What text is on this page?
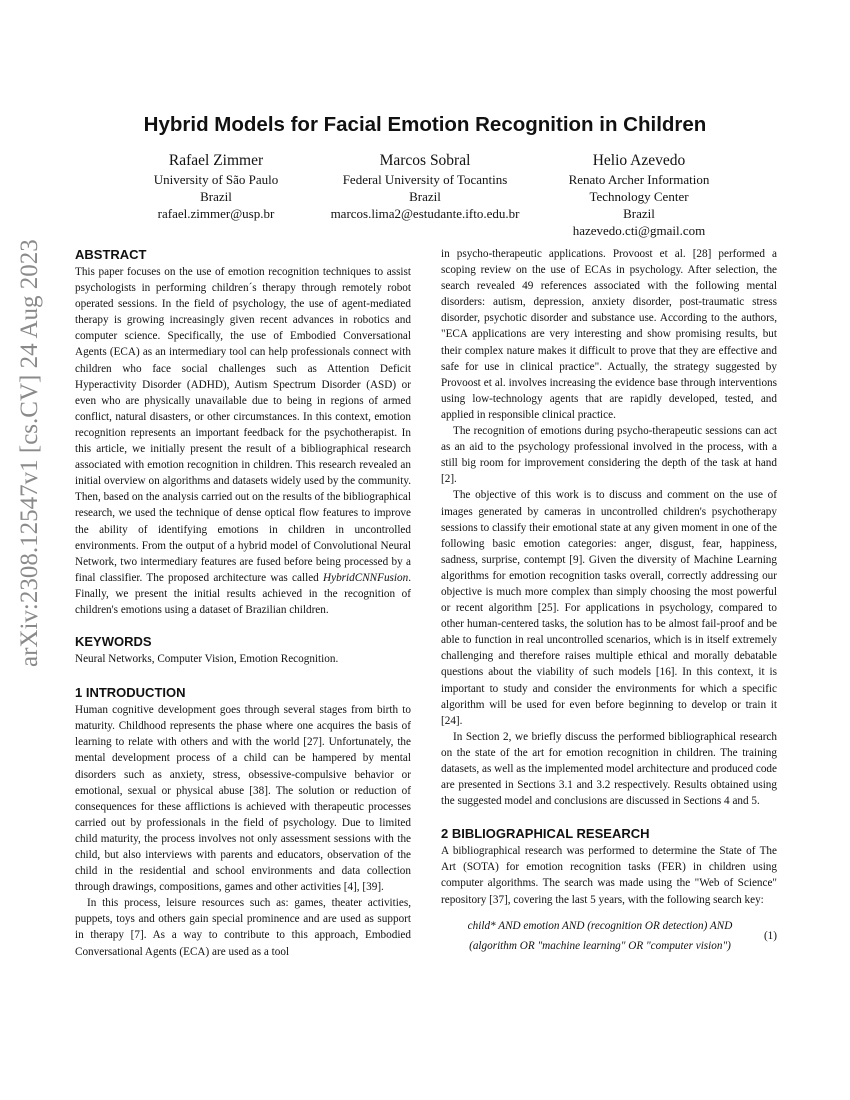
arXiv:2308.12547v1 [cs.CV] 24 Aug 2023
Hybrid Models for Facial Emotion Recognition in Children
Rafael Zimmer
University of São Paulo
Brazil
rafael.zimmer@usp.br
Marcos Sobral
Federal University of Tocantins
Brazil
marcos.lima2@estudante.ifto.edu.br
Helio Azevedo
Renato Archer Information
Technology Center
Brazil
hazevedo.cti@gmail.com
ABSTRACT

This paper focuses on the use of emotion recognition techniques to assist psychologists in performing children´s therapy through remotely robot operated sessions. In the field of psychology, the use of agent-mediated therapy is growing increasingly given recent advances in robotics and computer science. Specifically, the use of Embodied Conversational Agents (ECA) as an intermediary tool can help professionals connect with children who face social challenges such as Attention Deficit Hyperactivity Disorder (ADHD), Autism Spectrum Disorder (ASD) or even who are physically unavailable due to being in regions of armed conflict, natural disasters, or other circumstances. In this context, emotion recognition represents an important feedback for the psychotherapist. In this article, we initially present the result of a bibliographical research associated with emotion recognition in children. This research revealed an initial overview on algorithms and datasets widely used by the community. Then, based on the analysis carried out on the results of the bibliographical research, we used the technique of dense optical flow features to improve the ability of identifying emotions in children in uncontrolled environments. From the output of a hybrid model of Convolutional Neural Network, two intermediary features are fused before being processed by a final classifier. The proposed architecture was called HybridCNNFusion. Finally, we present the initial results achieved in the recognition of children's emotions using a dataset of Brazilian children.

KEYWORDS

Neural Networks, Computer Vision, Emotion Recognition.

1 INTRODUCTION

Human cognitive development goes through several stages from birth to maturity. Childhood represents the phase where one acquires the basis of learning to relate with others and with the world [27]. Unfortunately, the mental development process of a child can be hampered by mental disorders such as anxiety, stress, obsessive-compulsive behavior or emotional, sexual or physical abuse [38]. The solution or reduction of consequences for these afflictions is achieved with therapeutic processes carried out by professionals in the field of psychology. Due to limited child maturity, the process involves not only assessment sessions with the child, but also interviews with parents and educators, observation of the child in the residential and school environments and data collection through drawings, compositions, games and other activities [4], [39].

In this process, leisure resources such as: games, theater activities, puppets, toys and others gain special prominence and are used as support in therapy [7]. As a way to contribute to this approach, Embodied Conversational Agents (ECA) are used as a tool

in psycho-therapeutic applications. Provoost et al. [28] performed a scoping review on the use of ECAs in psychology. After selection, the search revealed 49 references associated with the following mental disorders: autism, depression, anxiety disorder, post-traumatic stress disorder, psychotic disorder and substance use. According to the authors, "ECA applications are very interesting and show promising results, but their complex nature makes it difficult to prove that they are effective and safe for use in clinical practice". Actually, the strategy suggested by Provoost et al. involves increasing the evidence base through interventions using low-technology agents that are rapidly developed, tested, and applied in responsible clinical practice.

The recognition of emotions during psycho-therapeutic sessions can act as an aid to the psychology professional involved in the process, with a still big room for improvement considering the depth of the task at hand [2].

The objective of this work is to discuss and comment on the use of images generated by cameras in uncontrolled children's psychotherapy sessions to classify their emotional state at any given moment in one of the following basic emotion categories: anger, disgust, fear, happiness, sadness, surprise, contempt [9]. Given the diversity of Machine Learning algorithms for emotion recognition tasks overall, correctly addressing our objective is much more complex than simply choosing the most powerful or recent algorithm [25]. For applications in psychology, compared to other human-centered tasks, the solution has to be almost fail-proof and be able to function in real uncontrolled scenarios, which is in itself extremely challenging and therefore raises multiple ethical and morally debatable questions about the viability of such models [16]. In this context, it is important to study and consider the environments for which a specific algorithm will be used for even before beginning to develop or train it [24].

In Section 2, we briefly discuss the performed bibliographical research on the state of the art for emotion recognition in children. The training datasets, as well as the implemented model architecture and produced code are presented in Sections 3.1 and 3.2 respectively. Results obtained using the suggested model and conclusions are discussed in Sections 4 and 5.

2 BIBLIOGRAPHICAL RESEARCH

A bibliographical research was performed to determine the State of The Art (SOTA) for emotion recognition tasks (FER) in children using computer algorithms. The search was made using the "Web of Science" repository [37], covering the last 5 years, with the following search key:

child* AND emotion AND (recognition OR detection) AND
(algorithm OR "machine learning" OR "computer vision")
(1)
